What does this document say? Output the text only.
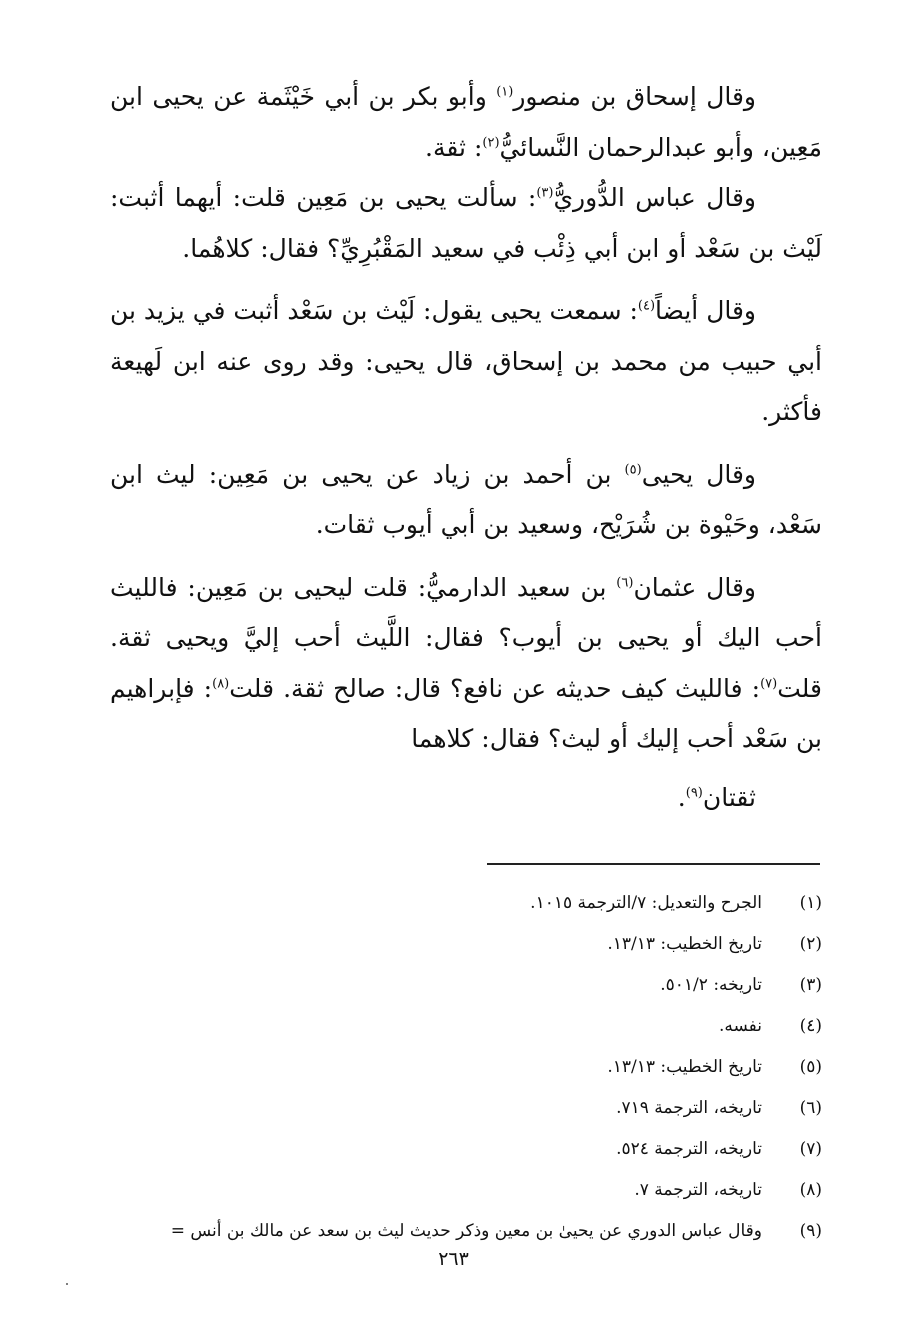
وقال إسحاق بن منصور$^{(١)}$ وأبو بكر بن أبي خَيْثَمة عن يحيى ابن مَعِين، وأبو عبدالرحمان النَّسائيُّ$^{(٢)}$: ثقة.

وقال عباس الدُّوريُّ$^{(٣)}$: سألت يحيى بن مَعِين قلت: أيهما أثبت: لَيْث بن سَعْد أو ابن أبي ذِئْب في سعيد المَقْبُرِيِّ؟ فقال: كلاهُما.

وقال أيضاً$^{(٤)}$: سمعت يحيى يقول: لَيْث بن سَعْد أثبت في يزيد بن أبي حبيب من محمد بن إسحاق، قال يحيى: وقد روى عنه ابن لَهيعة فأكثر.

وقال يحيى$^{(٥)}$ بن أحمد بن زياد عن يحيى بن مَعِين: ليث ابن سَعْد، وحَيْوة بن شُرَيْح، وسعيد بن أبي أيوب ثقات.

وقال عثمان$^{(٦)}$ بن سعيد الدارميُّ: قلت ليحيى بن مَعِين: فالليث أحب اليك أو يحيى بن أيوب؟ فقال: اللَّيث أحب إليَّ ويحيى ثقة. قلت$^{(٧)}$: فالليث كيف حديثه عن نافع؟ قال: صالح ثقة. قلت$^{(٨)}$: فإبراهيم بن سَعْد أحب إليك أو ليث؟ فقال: كلاهما
ثقتان$^{(٩)}$.

(١)
الجرح والتعديل: ٧/الترجمة ١٠١٥.
(٢)
تاريخ الخطيب: ١٣/١٣.
(٣)
تاريخه: ٥٠١/٢.
(٤)
نفسه.
(٥)
تاريخ الخطيب: ١٣/١٣.
(٦)
تاريخه، الترجمة ٧١٩.
(٧)
تاريخه، الترجمة ٥٢٤.
(٨)
تاريخه، الترجمة ٧.
(٩)
وقال عباس الدوري عن يحيىٰ بن معين وذكر حديث ليث بن سعد عن مالك بن أنس =
٢٦٣
